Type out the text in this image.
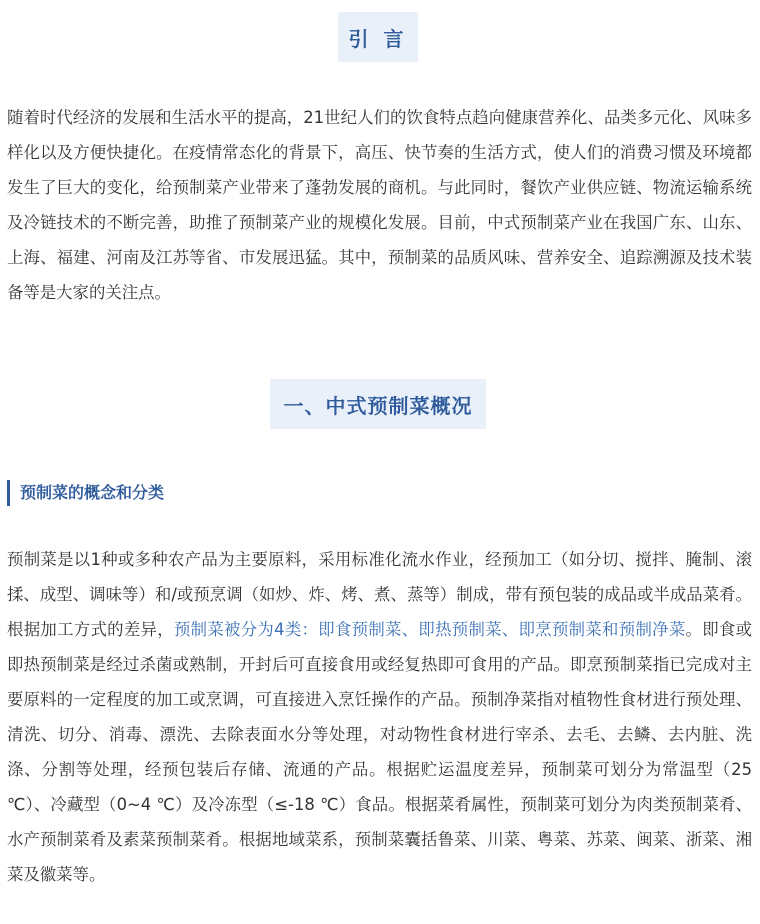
引 言

随着时代经济的发展和生活水平的提高，21世纪人们的饮食特点趋向健康营养化、品类多元化、风味多样化以及方便快捷化。在疫情常态化的背景下，高压、快节奏的生活方式，使人们的消费习惯及环境都发生了巨大的变化，给预制菜产业带来了蓬勃发展的商机。与此同时，餐饮产业供应链、物流运输系统及冷链技术的不断完善，助推了预制菜产业的规模化发展。目前，中式预制菜产业在我国广东、山东、上海、福建、河南及江苏等省、市发展迅猛。其中，预制菜的品质风味、营养安全、追踪溯源及技术装备等是大家的关注点。

一、中式预制菜概况
预制菜的概念和分类

预制菜是以1种或多种农产品为主要原料，采用标准化流水作业，经预加工（如分切、搅拌、腌制、滚揉、成型、调味等）和/或预烹调（如炒、炸、烤、煮、蒸等）制成，带有预包装的成品或半成品菜肴。根据加工方式的差异，预制菜被分为4类：即食预制菜、即热预制菜、即烹预制菜和预制净菜。即食或即热预制菜是经过杀菌或熟制，开封后可直接食用或经复热即可食用的产品。即烹预制菜指已完成对主要原料的一定程度的加工或烹调，可直接进入烹饪操作的产品。预制净菜指对植物性食材进行预处理、清洗、切分、消毒、漂洗、去除表面水分等处理，对动物性食材进行宰杀、去毛、去鳞、去内脏、洗涤、分割等处理，经预包装后存储、流通的产品。根据贮运温度差异，预制菜可划分为常温型（25 ℃）、冷藏型（0~4 ℃）及冷冻型（≤-18 ℃）食品。根据菜肴属性，预制菜可划分为肉类预制菜肴、水产预制菜肴及素菜预制菜肴。根据地域菜系，预制菜囊括鲁菜、川菜、粤菜、苏菜、闽菜、浙菜、湘菜及徽菜等。
